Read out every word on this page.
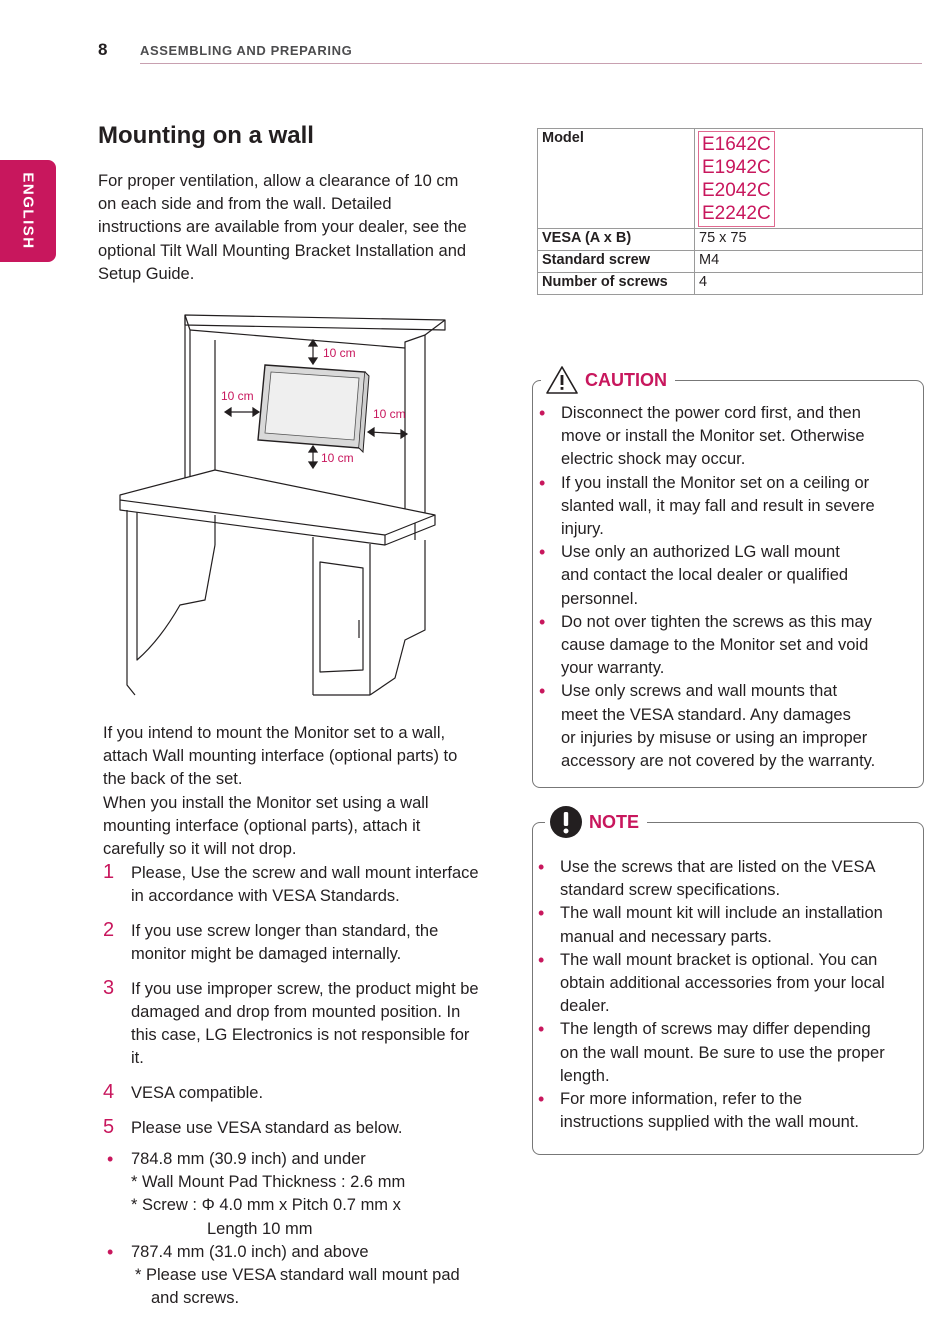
8	ASSEMBLING AND PREPARING
ENGLISH
Mounting on a wall
For proper ventilation, allow a clearance of 10 cm
on each side and from the wall. Detailed
instructions are available from your dealer, see the
optional Tilt Wall Mounting Bracket Installation and
Setup Guide.
10 cm
10 cm
10 cm
10 cm
If you intend to mount the Monitor set to a wall,
attach Wall mounting interface (optional parts) to
the back of the set.
When you install the Monitor set using a wall
mounting interface (optional parts), attach it
carefully so it will not drop.
1 Please, Use the screw and wall mount interface
in accordance with VESA Standards.
2 If you use screw longer than standard, the
monitor might be damaged internally.
3 If you use improper screw, the product might be
damaged and drop from mounted position. In
this case, LG Electronics is not responsible for
it.
4 VESA compatible.
5 Please use VESA standard as below.
• 784.8 mm (30.9 inch) and under
* Wall Mount Pad Thickness : 2.6 mm
* Screw : Φ 4.0 mm x Pitch 0.7 mm x
Length 10 mm
• 787.4 mm (31.0 inch) and above
* Please use VESA standard wall mount pad
and screws.
Model	E1642C
E1942C
E2042C
E2242C

VESA (A x B)	75 x 75
Standard screw	M4
Number of screws	4
CAUTION
• Disconnect the power cord first, and then
move or install the Monitor set. Otherwise
electric shock may occur.
• If you install the Monitor set on a ceiling or
slanted wall, it may fall and result in severe
injury.
• Use only an authorized LG wall mount
and contact the local dealer or qualified
personnel.
• Do not over tighten the screws as this may
cause damage to the Monitor set and void
your warranty.
• Use only screws and wall mounts that
meet the VESA standard. Any damages
or injuries by misuse or using an improper
accessory are not covered by the warranty.
NOTE
• Use the screws that are listed on the VESA
standard screw specifications.
• The wall mount kit will include an installation
manual and necessary parts.
• The wall mount bracket is optional. You can
obtain additional accessories from your local
dealer.
• The length of screws may differ depending
on the wall mount. Be sure to use the proper
length.
• For more information, refer to the
instructions supplied with the wall mount.
